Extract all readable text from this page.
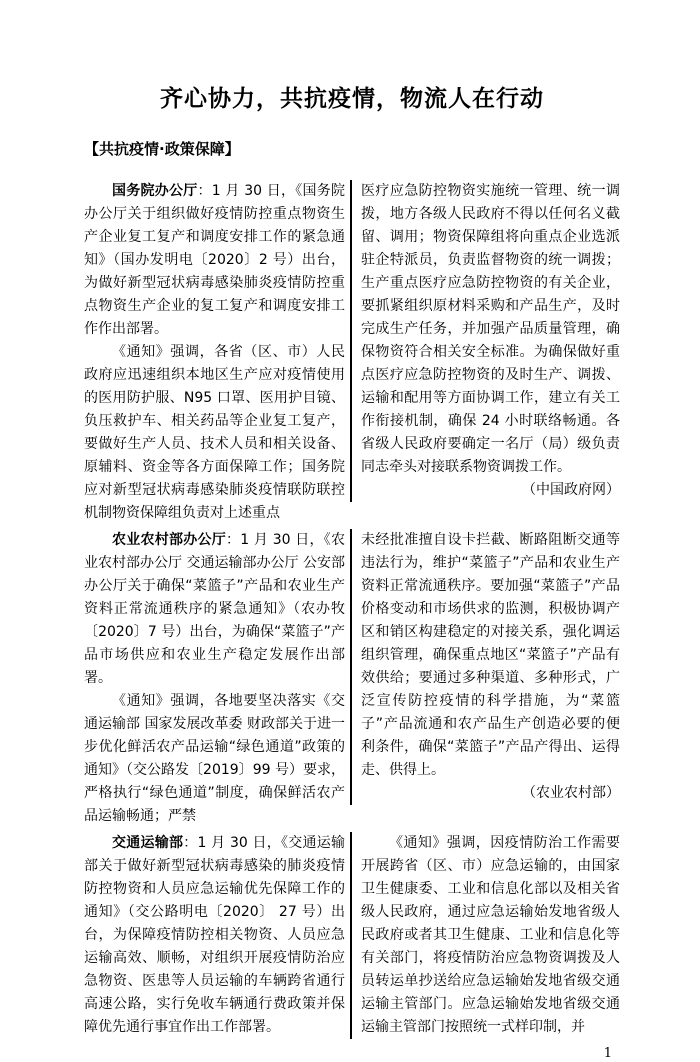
齐心协力，共抗疫情，物流人在行动
【共抗疫情·政策保障】

国务院办公厅：1 月 30 日，《国务院办公厅关于组织做好疫情防控重点物资生产企业复工复产和调度安排工作的紧急通知》（国办发明电〔2020〕2 号）出台，为做好新型冠状病毒感染肺炎疫情防控重点物资生产企业的复工复产和调度安排工作作出部署。

《通知》强调，各省（区、市）人民政府应迅速组织本地区生产应对疫情使用的医用防护服、N95 口罩、医用护目镜、负压救护车、相关药品等企业复工复产，要做好生产人员、技术人员和相关设备、原辅料、资金等各方面保障工作；国务院应对新型冠状病毒感染肺炎疫情联防联控机制物资保障组负责对上述重点

医疗应急防控物资实施统一管理、统一调拨，地方各级人民政府不得以任何名义截留、调用；物资保障组将向重点企业选派驻企特派员，负责监督物资的统一调拨；生产重点医疗应急防控物资的有关企业，要抓紧组织原材料采购和产品生产，及时完成生产任务，并加强产品质量管理，确保物资符合相关安全标准。为确保做好重点医疗应急防控物资的及时生产、调拨、运输和配用等方面协调工作，建立有关工作衔接机制，确保 24 小时联络畅通。各省级人民政府要确定一名厅（局）级负责同志牵头对接联系物资调拨工作。

（中国政府网）

农业农村部办公厅：1 月 30 日，《农业农村部办公厅 交通运输部办公厅 公安部办公厅关于确保“菜篮子”产品和农业生产资料正常流通秩序的紧急通知》（农办牧〔2020〕7 号）出台，为确保“菜篮子”产品市场供应和农业生产稳定发展作出部署。

《通知》强调，各地要坚决落实《交通运输部 国家发展改革委 财政部关于进一步优化鲜活农产品运输“绿色通道”政策的通知》（交公路发〔2019〕99 号）要求，严格执行“绿色通道”制度，确保鲜活农产品运输畅通；严禁

未经批准擅自设卡拦截、断路阻断交通等违法行为，维护“菜篮子”产品和农业生产资料正常流通秩序。要加强“菜篮子”产品价格变动和市场供求的监测，积极协调产区和销区构建稳定的对接关系，强化调运组织管理，确保重点地区“菜篮子”产品有效供给；要通过多种渠道、多种形式，广泛宣传防控疫情的科学措施，为“菜篮子”产品流通和农产品生产创造必要的便利条件，确保“菜篮子”产品产得出、运得走、供得上。

（农业农村部）

交通运输部：1 月 30 日，《交通运输部关于做好新型冠状病毒感染的肺炎疫情防控物资和人员应急运输优先保障工作的通知》（交公路明电〔2020〕 27 号）出台，为保障疫情防控相关物资、人员应急运输高效、顺畅，对组织开展疫情防治应急物资、医患等人员运输的车辆跨省通行高速公路，实行免收车辆通行费政策并保障优先通行事宜作出工作部署。

《通知》强调，因疫情防治工作需要开展跨省（区、市）应急运输的，由国家卫生健康委、工业和信息化部以及相关省级人民政府，通过应急运输始发地省级人民政府或者其卫生健康、工业和信息化等有关部门，将疫情防治应急物资调拨及人员转运单抄送给应急运输始发地省级交通运输主管部门。应急运输始发地省级交通运输主管部门按照统一式样印制，并

1
